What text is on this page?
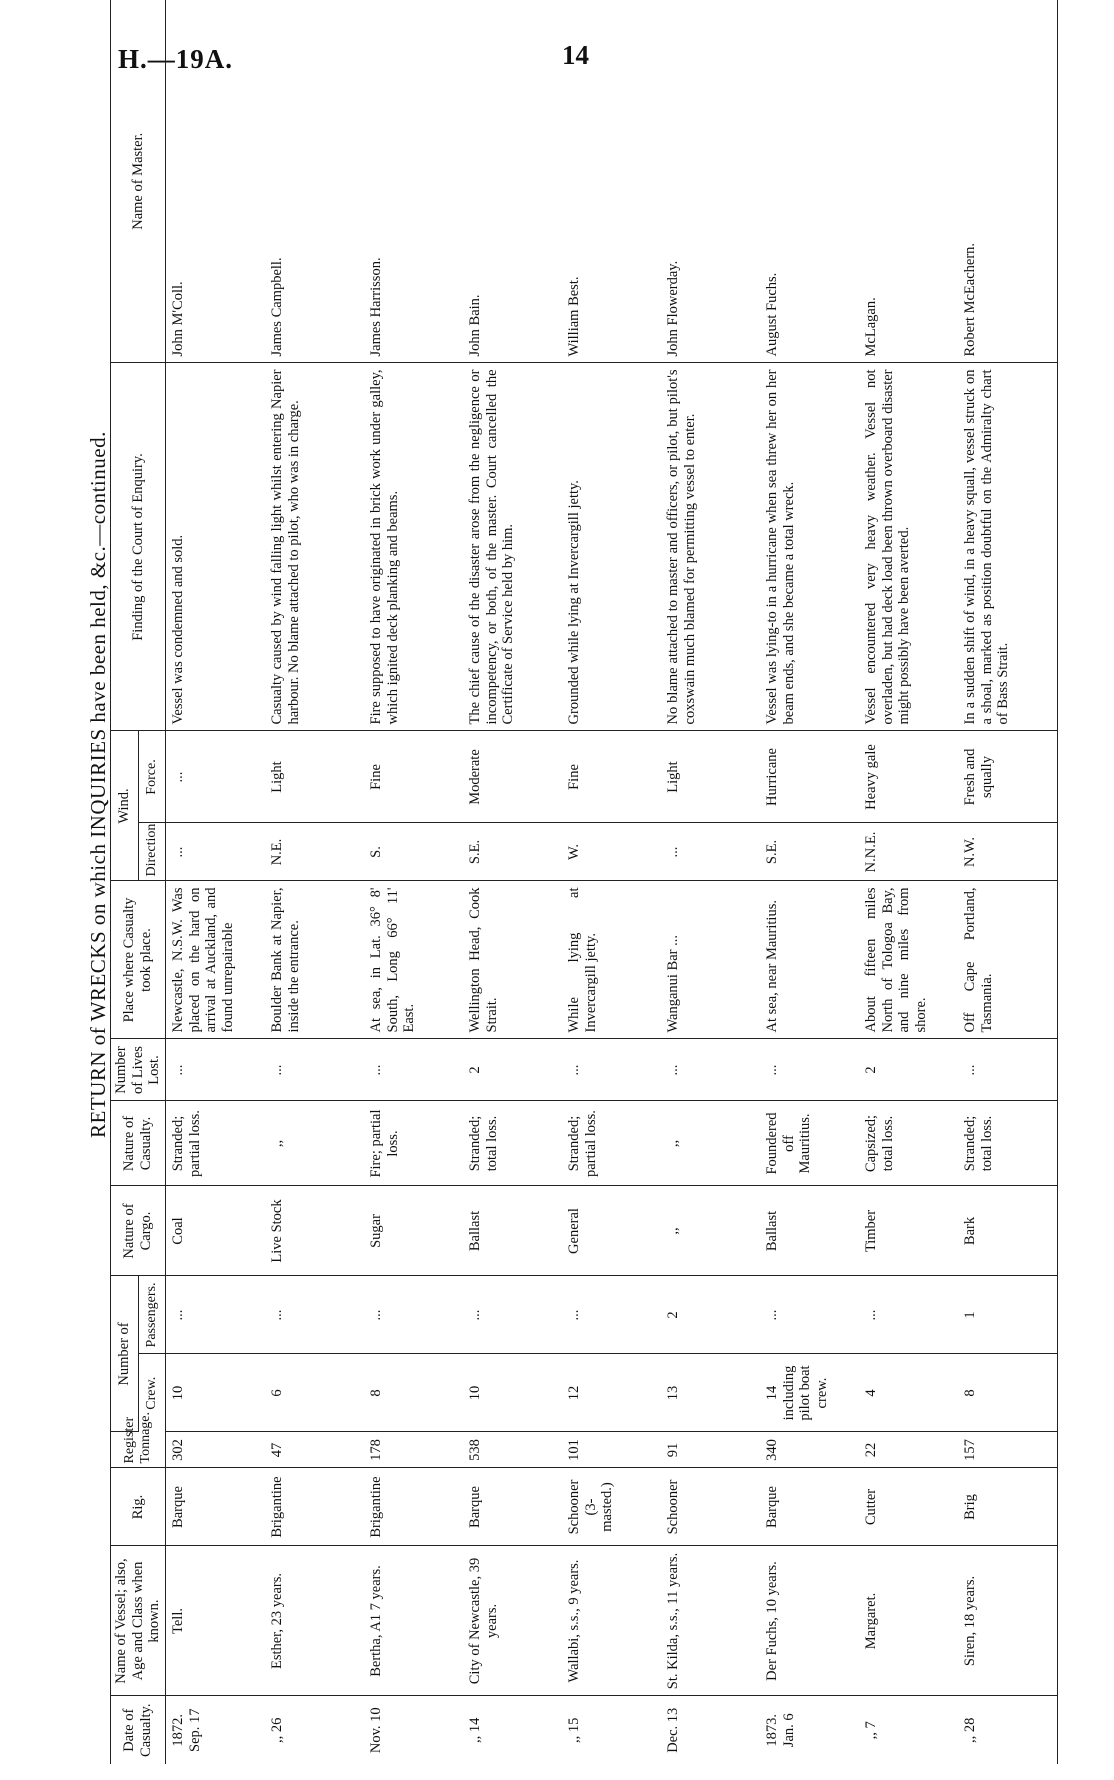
H.—19A.	14
RETURN of WRECKS on which INQUIRIES have been held, &c.—continued.
Date of Casualty.	Name of Vessel; also, Age and Class when known.	Rig.	Register Tonnage.	Number of		Nature of Cargo.	Nature of Casualty.	Number of Lives Lost.	Place where Casualty took place.	Wind.		Finding of the Court of Enquiry.	Name of Master.
				Crew.	Passengers.					Direction	Force.		

1872. Sep. 17	Tell.	Barque	302	10	...	Coal	Stranded; partial loss.	...	Newcastle, N.S.W. Was placed on the hard on arrival at Auckland, and found unrepairable	...	...	Vessel was condemned and sold.	John M'Coll.

,, 26	Esther, 23 years.	Brigantine	47	6	...	Live Stock	,,	...	Boulder Bank at Napier, inside the entrance.	N.E.	Light	Casualty caused by wind falling light whilst entering Napier harbour. No blame attached to pilot, who was in charge.	James Campbell.

Nov. 10	Bertha, A1 7 years.	Brigantine	178	8	...	Sugar	Fire; partial loss.	...	At sea, in Lat. 36° 8' South, Long 66° 11' East.	S.	Fine	Fire supposed to have originated in brick work under galley, which ignited deck planking and beams.	James Harrisson.

,, 14	City of Newcastle, 39 years.	Barque	538	10	...	Ballast	Stranded; total loss.	2	Wellington Head, Cook Strait.	S.E.	Moderate	The chief cause of the disaster arose from the negligence or incompetency, or both, of the master. Court cancelled the Certificate of Service held by him.	John Bain.

,, 15	Wallabi, s.s., 9 years.	Schooner (3-masted.)	101	12	...	General	Stranded; partial loss.	...	While lying at Invercargill jetty.	W.	Fine	Grounded while lying at Invercargill jetty.	William Best.

Dec. 13	St. Kilda, s.s., 11 years.	Schooner	91	13	2	,,	,,	...	Wanganui Bar ...	...	Light	No blame attached to master and officers, or pilot, but pilot's coxswain much blamed for permitting vessel to enter.	John Flowerday.

1873. Jan. 6	Der Fuchs, 10 years.	Barque	340	14 including pilot boat crew.	...	Ballast	Foundered off Mauritius.	...	At sea, near Mauritius.	S.E.	Hurricane	Vessel was lying-to in a hurricane when sea threw her on her beam ends, and she became a total wreck.	August Fuchs.

,, 7	Margaret.	Cutter	22	4	...	Timber	Capsized; total loss.	2	About fifteen miles North of Tologoa Bay, and nine miles from shore.	N.N.E.	Heavy gale	Vessel encountered very heavy weather. Vessel not overladen, but had deck load been thrown overboard disaster might possibly have been averted.	McLagan.

,, 28	Siren, 18 years.	Brig	157	8	1	Bark	Stranded; total loss.	...	Off Cape Portland, Tasmania.	N.W.	Fresh and squally	In a sudden shift of wind, in a heavy squall, vessel struck on a shoal, marked as position doubtful on the Admiralty chart of Bass Strait.	Robert McEachern.
